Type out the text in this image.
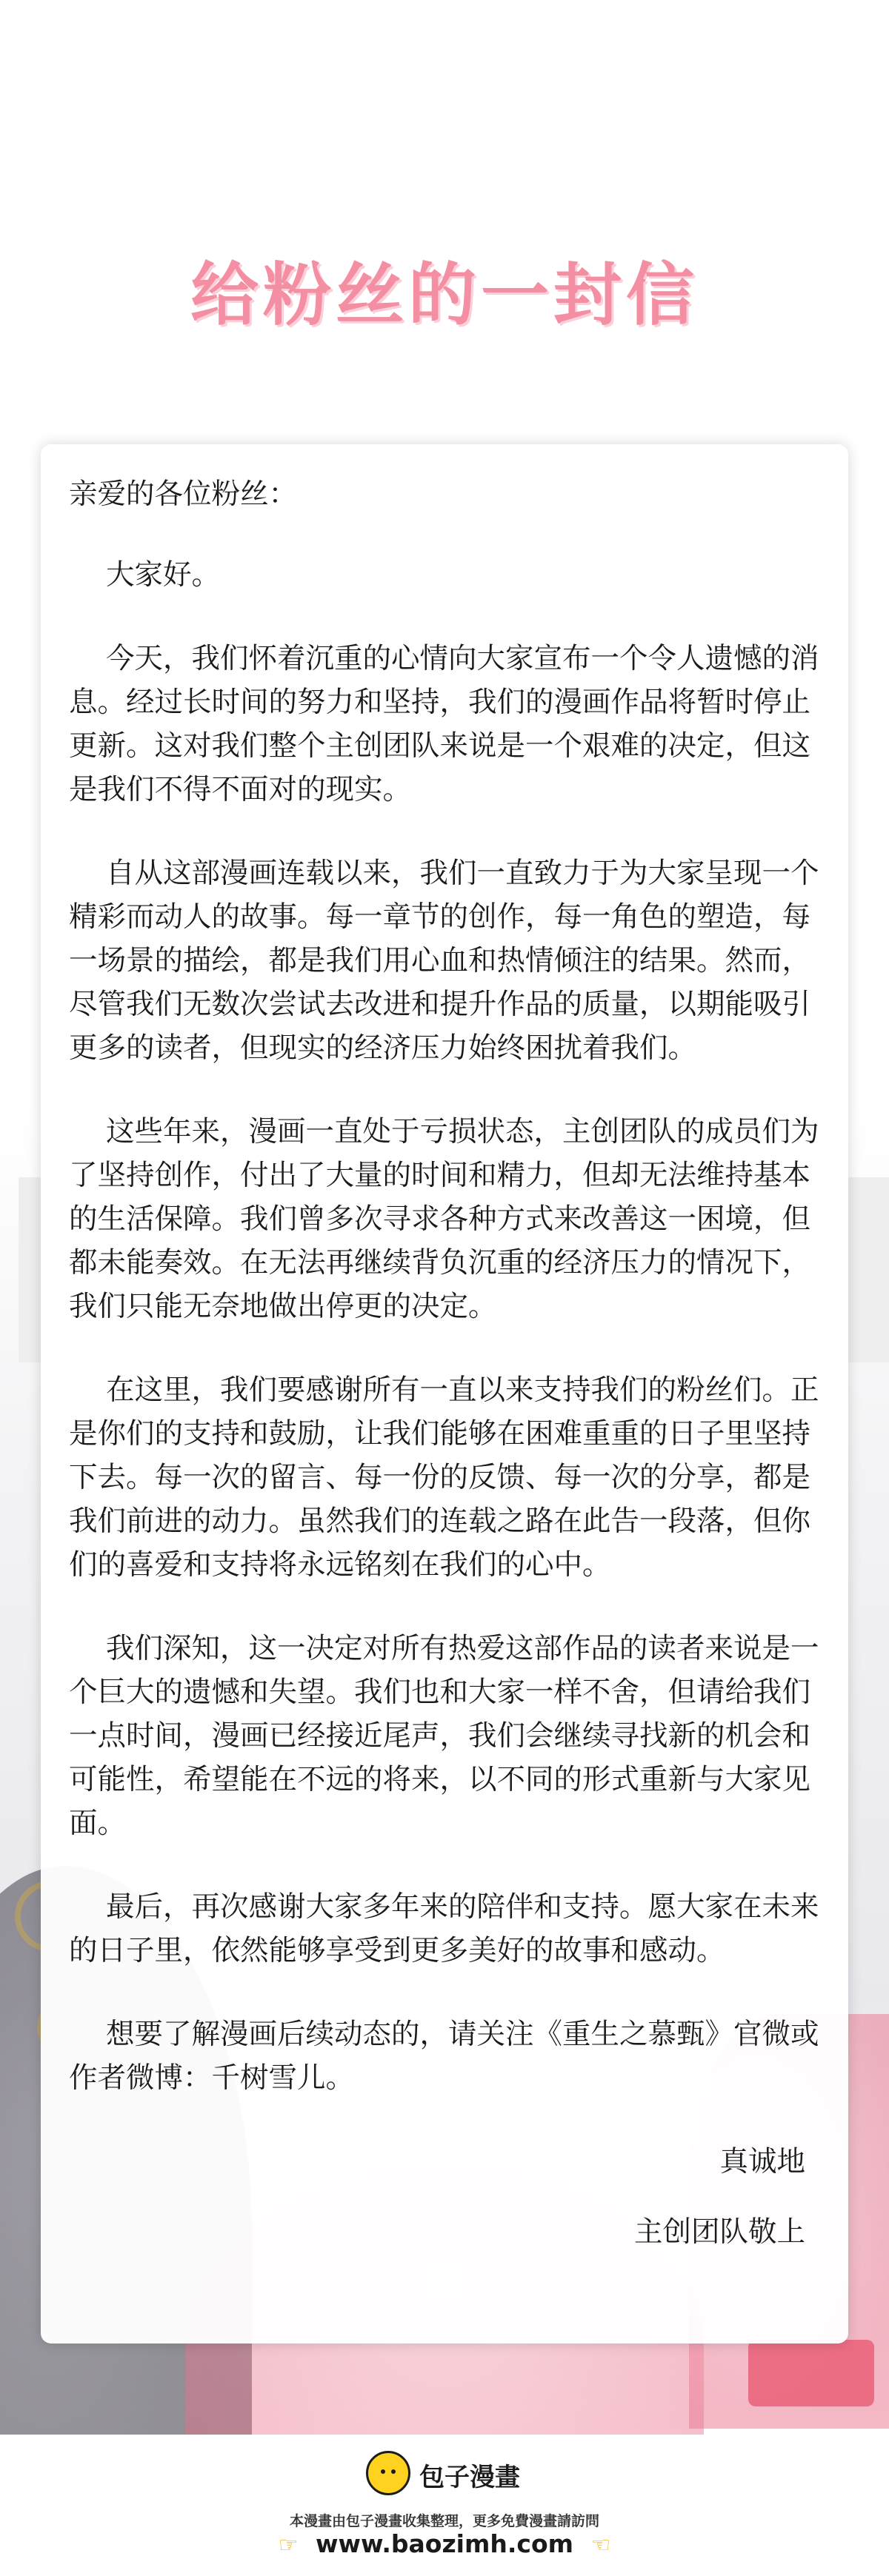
给粉丝的一封信

亲爱的各位粉丝：

大家好。

今天，我们怀着沉重的心情向大家宣布一个令人遗憾的消息。经过长时间的努力和坚持，我们的漫画作品将暂时停止更新。这对我们整个主创团队来说是一个艰难的决定，但这是我们不得不面对的现实。

自从这部漫画连载以来，我们一直致力于为大家呈现一个精彩而动人的故事。每一章节的创作，每一角色的塑造，每一场景的描绘，都是我们用心血和热情倾注的结果。然而，尽管我们无数次尝试去改进和提升作品的质量，以期能吸引更多的读者，但现实的经济压力始终困扰着我们。

这些年来，漫画一直处于亏损状态，主创团队的成员们为了坚持创作，付出了大量的时间和精力，但却无法维持基本的生活保障。我们曾多次寻求各种方式来改善这一困境，但都未能奏效。在无法再继续背负沉重的经济压力的情况下，我们只能无奈地做出停更的决定。

在这里，我们要感谢所有一直以来支持我们的粉丝们。正是你们的支持和鼓励，让我们能够在困难重重的日子里坚持下去。每一次的留言、每一份的反馈、每一次的分享，都是我们前进的动力。虽然我们的连载之路在此告一段落，但你们的喜爱和支持将永远铭刻在我们的心中。

我们深知，这一决定对所有热爱这部作品的读者来说是一个巨大的遗憾和失望。我们也和大家一样不舍，但请给我们一点时间，漫画已经接近尾声，我们会继续寻找新的机会和可能性，希望能在不远的将来，以不同的形式重新与大家见面。

最后，再次感谢大家多年来的陪伴和支持。愿大家在未来的日子里，依然能够享受到更多美好的故事和感动。

想要了解漫画后续动态的，请关注《重生之慕甄》官微或作者微博：千树雪儿。

真诚地

主创团队敬上

包子漫畫
本漫畫由包子漫畫收集整理，更多免費漫畫請訪問
☞ www.baozimh.com ☜
